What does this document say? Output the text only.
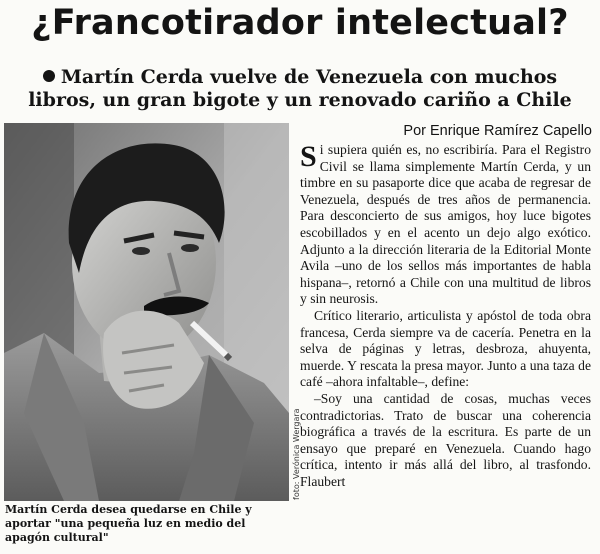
¿Francotirador intelectual?
Martín Cerda vuelve de Venezuela con muchos libros, un gran bigote y un renovado cariño a Chile
foto: Verónica Wergara
Martín Cerda desea quedarse en Chile y aportar "una pequeña luz en medio del apagón cultural"
Por Enrique Ramírez Capello

Si supiera quién es, no escribiría. Para el Registro Civil se llama simplemente Martín Cerda, y un timbre en su pasaporte dice que acaba de regresar de Venezuela, después de tres años de permanencia. Para desconcierto de sus amigos, hoy luce bigotes escobillados y en el acento un dejo algo exótico. Adjunto a la dirección literaria de la Editorial Monte Avila –uno de los sellos más importantes de habla hispana–, retornó a Chile con una multitud de libros y sin neurosis.

Crítico literario, articulista y apóstol de toda obra francesa, Cerda siempre va de cacería. Penetra en la selva de páginas y letras, desbroza, ahuyenta, muerde. Y rescata la presa mayor. Junto a una taza de café –ahora infaltable–, define:

–Soy una cantidad de cosas, muchas veces contradictorias. Trato de buscar una coherencia biográfica a través de la escritura. Es parte de un ensayo que preparé en Venezuela. Cuando hago crítica, intento ir más allá del libro, al trasfondo. Flaubert
